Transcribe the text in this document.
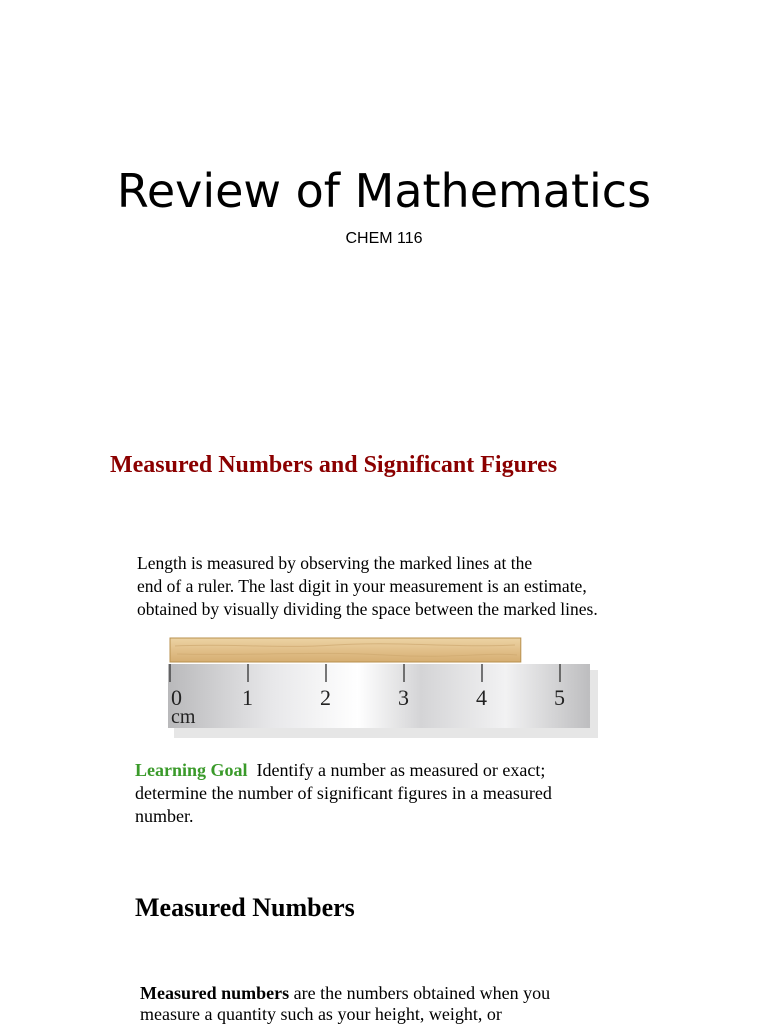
Review of Mathematics
CHEM 116
Measured Numbers and Significant Figures
Length is measured by observing the marked lines at the
end of a ruler. The last digit in your measurement is an estimate,
obtained by visually dividing the space between the marked lines.
0	1	2	3	4	5
cm
Learning Goal Identify a number as measured or exact;
determine the number of significant figures in a measured
number.
Measured Numbers
Measured numbers are the numbers obtained when you
measure a quantity such as your height, weight, or
